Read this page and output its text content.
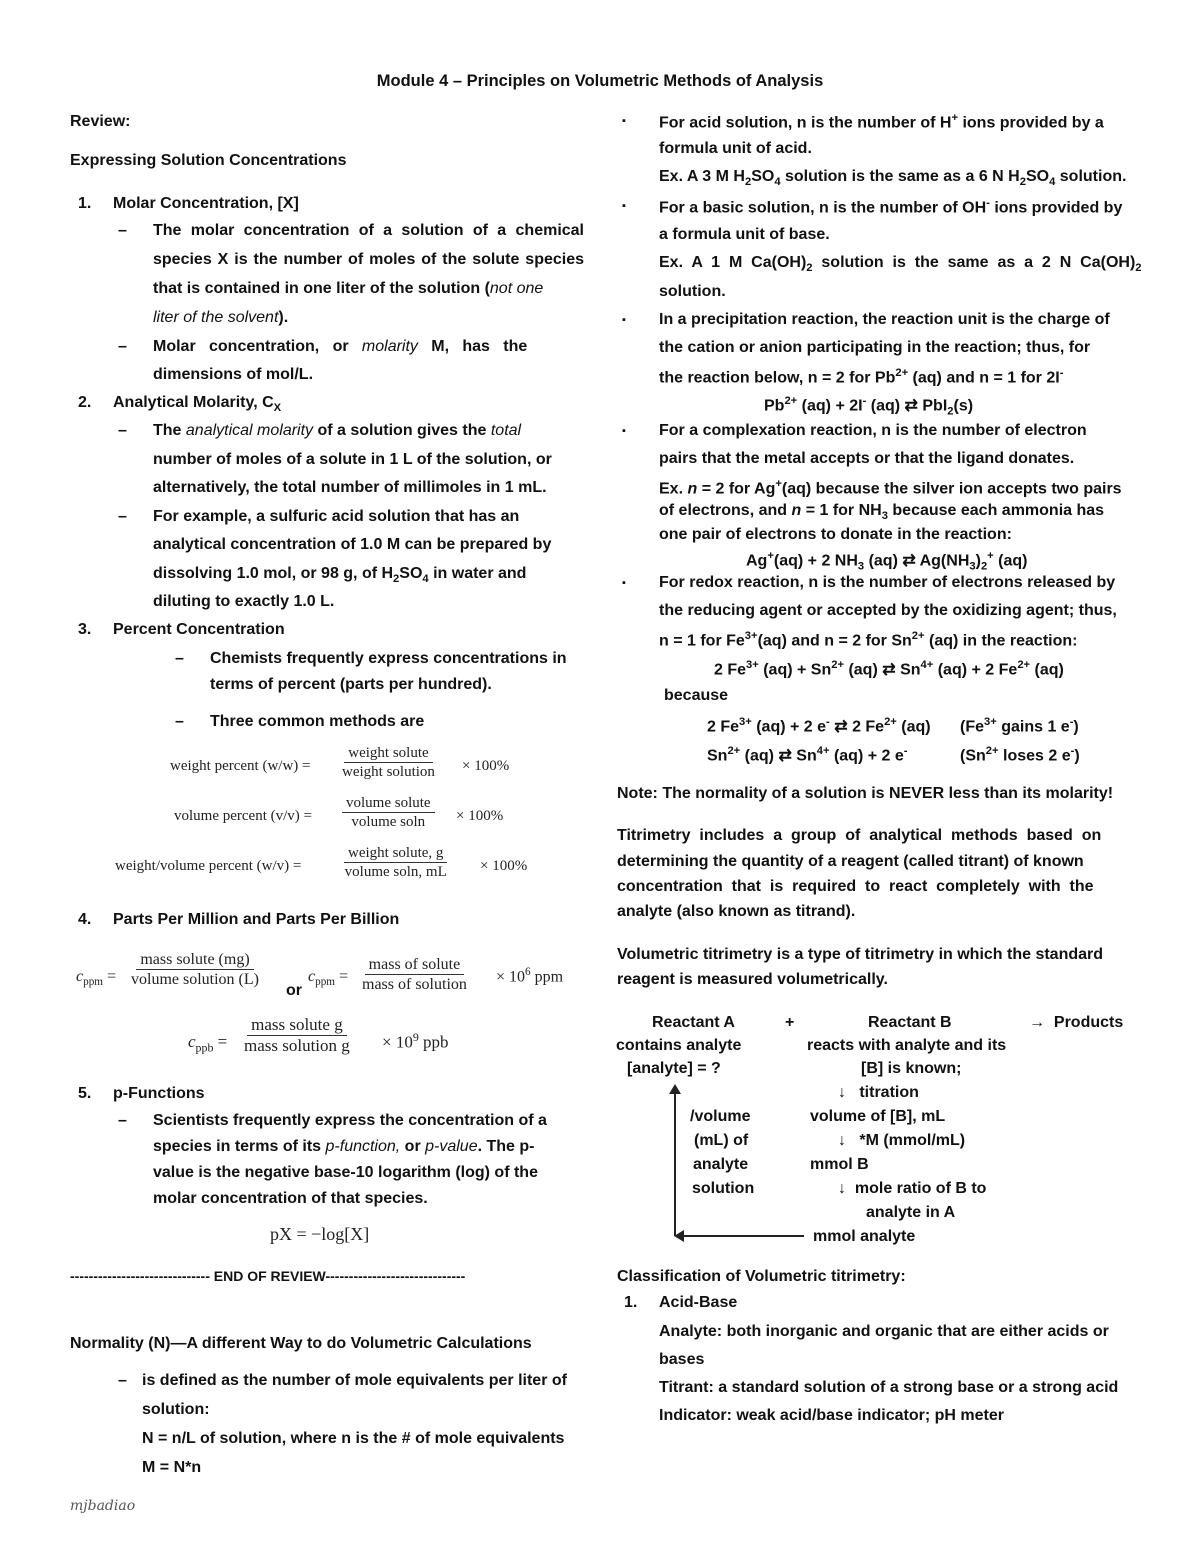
Module 4 – Principles on Volumetric Methods of Analysis
Review:
Expressing Solution Concentrations
1. Molar Concentration, [X]
– The molar concentration of a solution of a chemical
species X is the number of moles of the solute species
that is contained in one liter of the solution (not one
liter of the solvent).
– Molar   concentration,   or   molarity   M,   has   the
dimensions of mol/L.
2. Analytical Molarity, $C_X$
– The analytical molarity of a solution gives the total
number of moles of a solute in 1 L of the solution, or
alternatively, the total number of millimoles in 1 mL.
– For example, a sulfuric acid solution that has an
analytical concentration of 1.0 M can be prepared by
dissolving 1.0 mol, or 98 g, of $H_2SO_4$ in water and
diluting to exactly 1.0 L.
3. Percent Concentration
– Chemists frequently express concentrations in
terms of percent (parts per hundred).
– Three common methods are
weight percent (w/w) =
weight solute
weight solution × 100%
volume percent (v/v) =
volume solute
volume soln × 100%
weight/volume percent (w/v) =
weight solute, g
volume soln, mL × 100%
4. Parts Per Million and Parts Per Billion
$c_{ppm}$ =
mass solute (mg)
volume solution (L)
or
$c_{ppm}$ =
mass of solute
mass of solution × $10^6$ ppm
$c_{ppb}$ =
mass solute g
mass solution $g \times 10^9$ ppb
5. p-Functions
– Scientists frequently express the concentration of a
species in terms of its p-function, or p-value. The p-
value is the negative base-10 logarithm (log) of the
molar concentration of that species.
pX = −log[X]
------------------------------ END OF REVIEW------------------------------
Normality (N)—A different Way to do Volumetric Calculations
– is defined as the number of mole equivalents per liter of
solution:
N = n/L of solution, where n is the # of mole equivalents
M = N*n
mjbadiao
▪ For acid solution, n is the number of H+ ions provided by a
formula unit of acid.
Ex. A 3 M $H_2SO_4$ solution is the same as a 6 N $H_2SO_4$ solution.
▪ For a basic solution, n is the number of OH- ions provided by
a formula unit of base.
Ex.  A  1  M  $Ca(OH)_2$  solution  is  the  same  as  a  2  N  $Ca(OH)_2$
solution.
▪ In a precipitation reaction, the reaction unit is the charge of
the cation or anion participating in the reaction; thus, for
the reaction below, n = 2 for $Pb^{2+}$ (aq) and n = 1 for 2I-
$Pb^{2+}$ (aq) + 2I- (aq) ⇄ PbI$_2$(s)
▪ For a complexation reaction, n is the number of electron
pairs that the metal accepts or that the ligand donates.
Ex. n = 2 for Ag+(aq) because the silver ion accepts two pairs
of electrons, and n = 1 for $NH_3$ because each ammonia has
one pair of electrons to donate in the reaction:
Ag+(aq) + 2 $NH_3$ (aq) ⇄ $Ag(NH_3)_2^+$ (aq)
▪ For redox reaction, n is the number of electrons released by
the reducing agent or accepted by the oxidizing agent; thus,
n = 1 for $Fe^{3+}(aq)$ and n = 2 for $Sn^{2+}$ (aq) in the reaction:
2 $Fe^{3+}$ $(aq) + Sn^{2+}$ (aq) ⇄ $Sn^{4+}$ (aq) + 2 $Fe^{2+}$ (aq)
because
2 $Fe^{3+}$ (aq) + 2 e- ⇄ 2 $Fe^{2+}$ (aq) ($Fe^{3+}$ gains 1 e-)
$Sn^{2+}$ (aq) ⇄ $Sn^{4+}$ (aq) + 2 e-	($Sn^{2+}$ loses 2 e-)
Note: The normality of a solution is NEVER less than its molarity!
Titrimetry  includes  a  group  of  analytical  methods  based  on
determining the quantity of a reagent (called titrant) of known
concentration  that  is  required  to  react  completely  with  the
analyte (also known as titrand).
Volumetric titrimetry is a type of titrimetry in which the standard
reagent is measured volumetrically.
Reactant A	+	Reactant B	→  Products
contains analyte
[analyte] = ?
reacts with analyte and its
[B] is known;
↓   titration
volume of [B], mL
↓   *M (mmol/mL)
mmol B
↓  mole ratio of B to
analyte in A
mmol analyte
/volume
(mL) of
analyte
solution
Classification of Volumetric titrimetry:
1. Acid-Base
Analyte: both inorganic and organic that are either acids or
bases
Titrant: a standard solution of a strong base or a strong acid
Indicator: weak acid/base indicator; pH meter
